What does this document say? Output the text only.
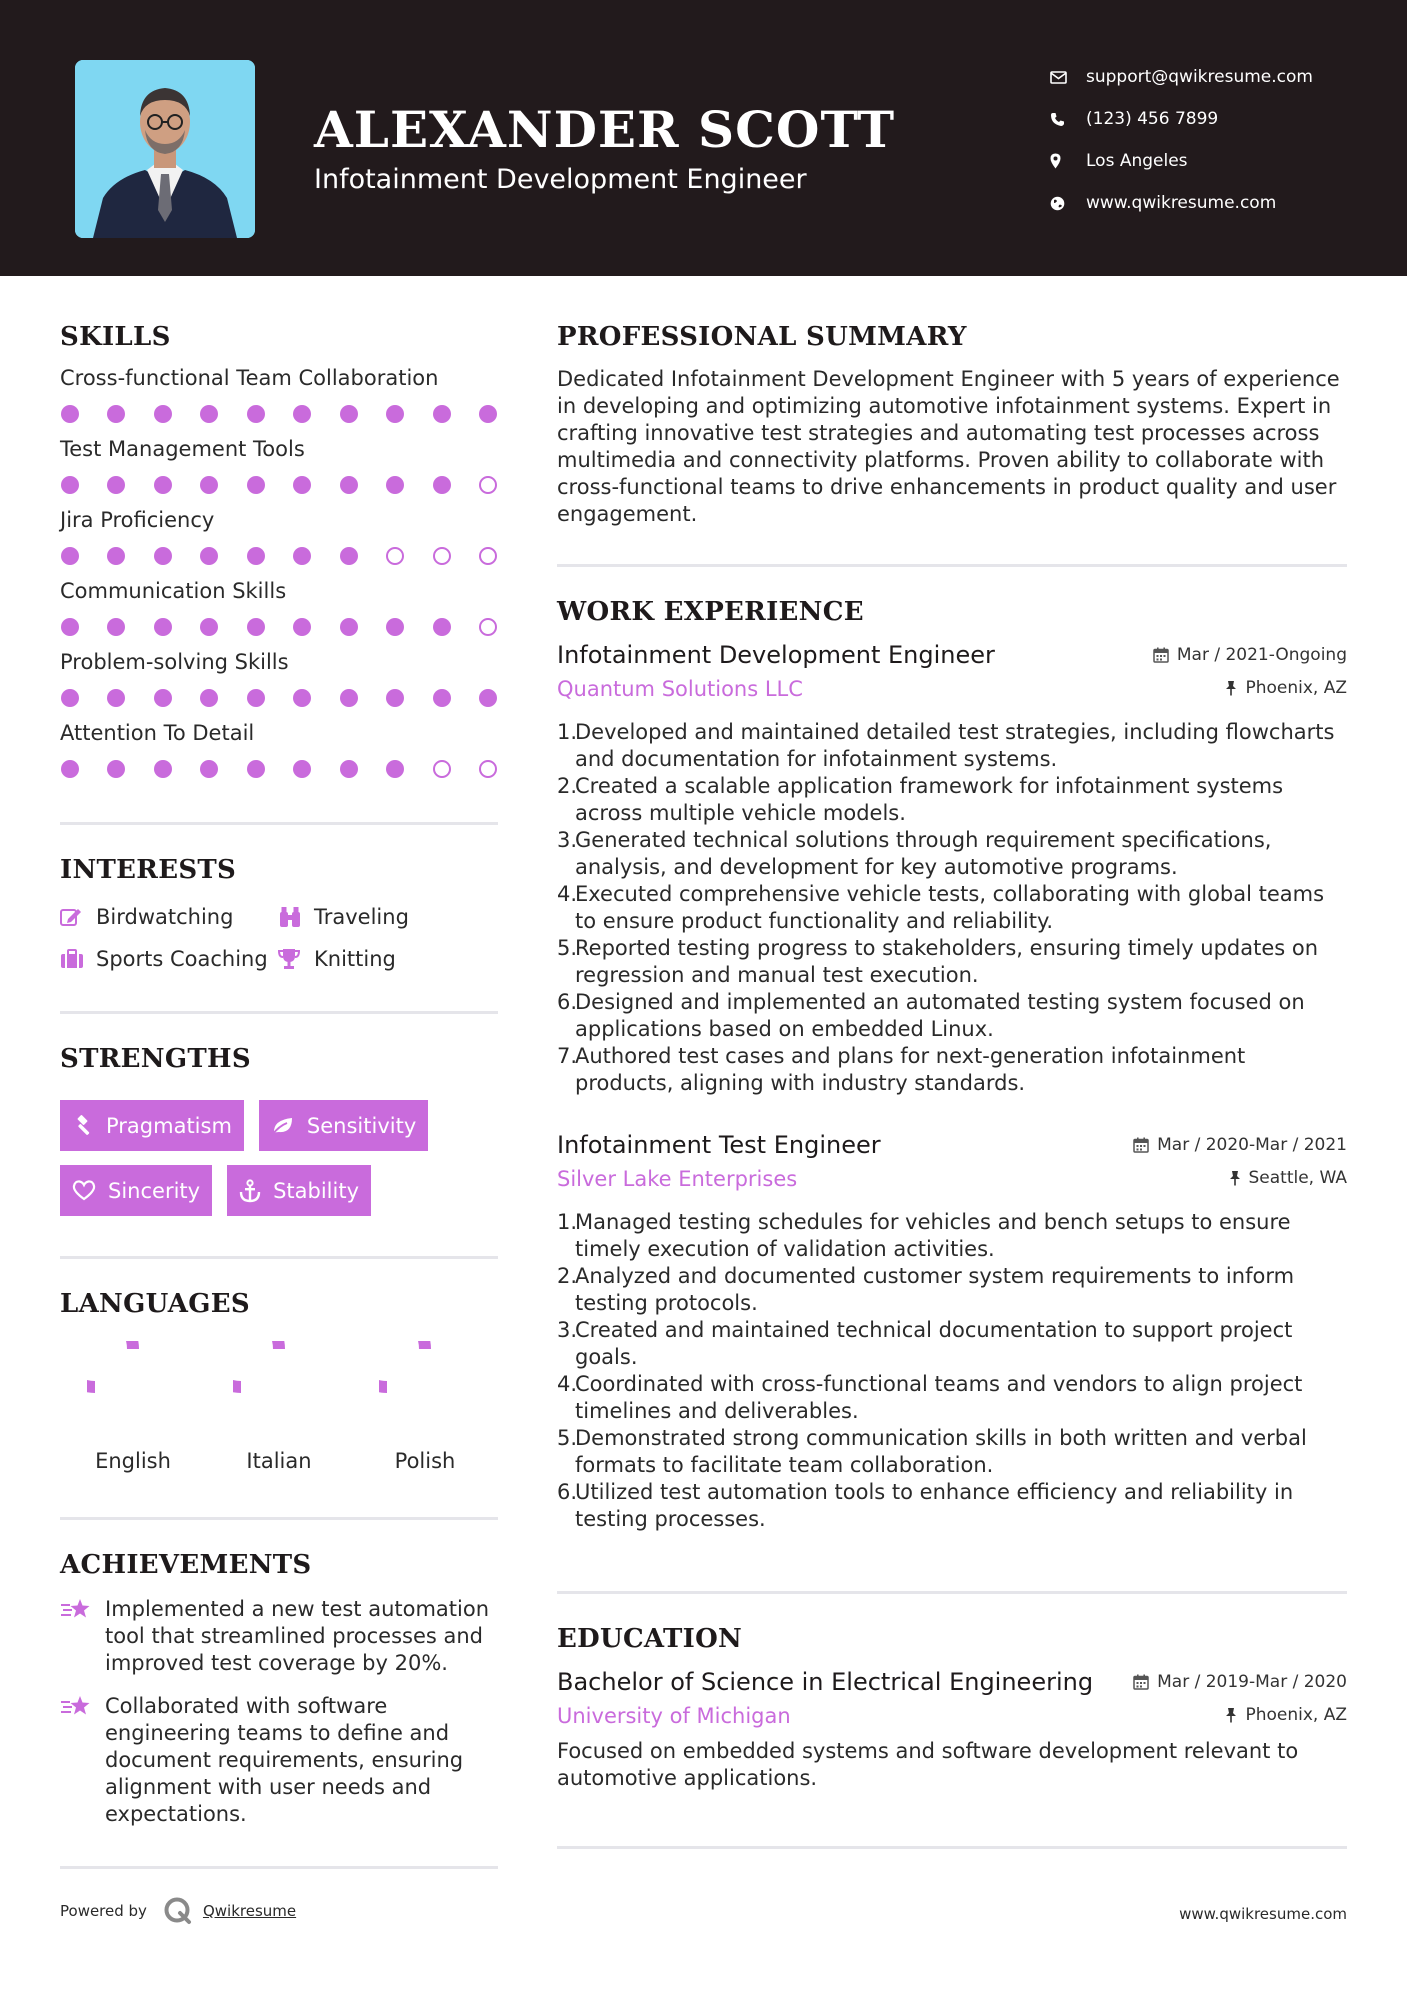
ALEXANDER SCOTT
Infotainment Development Engineer
support@qwikresume.com
(123) 456 7899
Los Angeles
www.qwikresume.com
SKILLS
Cross-functional Team Collaboration
Test Management Tools
Jira Proficiency
Communication Skills
Problem-solving Skills
Attention To Detail
INTERESTS
Birdwatching	Traveling
Sports Coaching Knitting
STRENGTHS
Pragmatism	Sensitivity
Sincerity	Stability
LANGUAGES
English	Italian	Polish
ACHIEVEMENTS
Implemented a new test automation tool that streamlined processes and improved test coverage by 20%.
Collaborated with software engineering teams to define and document requirements, ensuring alignment with user needs and expectations.
PROFESSIONAL SUMMARY

Dedicated Infotainment Development Engineer with 5 years of experience in developing and optimizing automotive infotainment systems. Expert in crafting innovative test strategies and automating test processes across multimedia and connectivity platforms. Proven ability to collaborate with cross-functional teams to drive enhancements in product quality and user engagement.

WORK EXPERIENCE
Infotainment Development Engineer	Mar / 2021-Ongoing
Quantum Solutions LLC	Phoenix, AZ
1.
Developed and maintained detailed test strategies, including flowcharts and documentation for infotainment systems.
2.
Created a scalable application framework for infotainment systems across multiple vehicle models.
3.
Generated technical solutions through requirement specifications, analysis, and development for key automotive programs.
4.
Executed comprehensive vehicle tests, collaborating with global teams to ensure product functionality and reliability.
5.
Reported testing progress to stakeholders, ensuring timely updates on regression and manual test execution.
6.
Designed and implemented an automated testing system focused on applications based on embedded Linux.
7.
Authored test cases and plans for next-generation infotainment products, aligning with industry standards.
Infotainment Test Engineer	Mar / 2020-Mar / 2021
Silver Lake Enterprises	Seattle, WA
1.
Managed testing schedules for vehicles and bench setups to ensure timely execution of validation activities.
2.
Analyzed and documented customer system requirements to inform testing protocols.
3.
Created and maintained technical documentation to support project goals.
4.
Coordinated with cross-functional teams and vendors to align project timelines and deliverables.
5.
Demonstrated strong communication skills in both written and verbal formats to facilitate team collaboration.
6.
Utilized test automation tools to enhance efficiency and reliability in testing processes.
EDUCATION
Bachelor of Science in Electrical Engineering	Mar / 2019-Mar / 2020
University of Michigan	Phoenix, AZ

Focused on embedded systems and software development relevant to automotive applications.

Powered by	Qwikresume	www.qwikresume.com
